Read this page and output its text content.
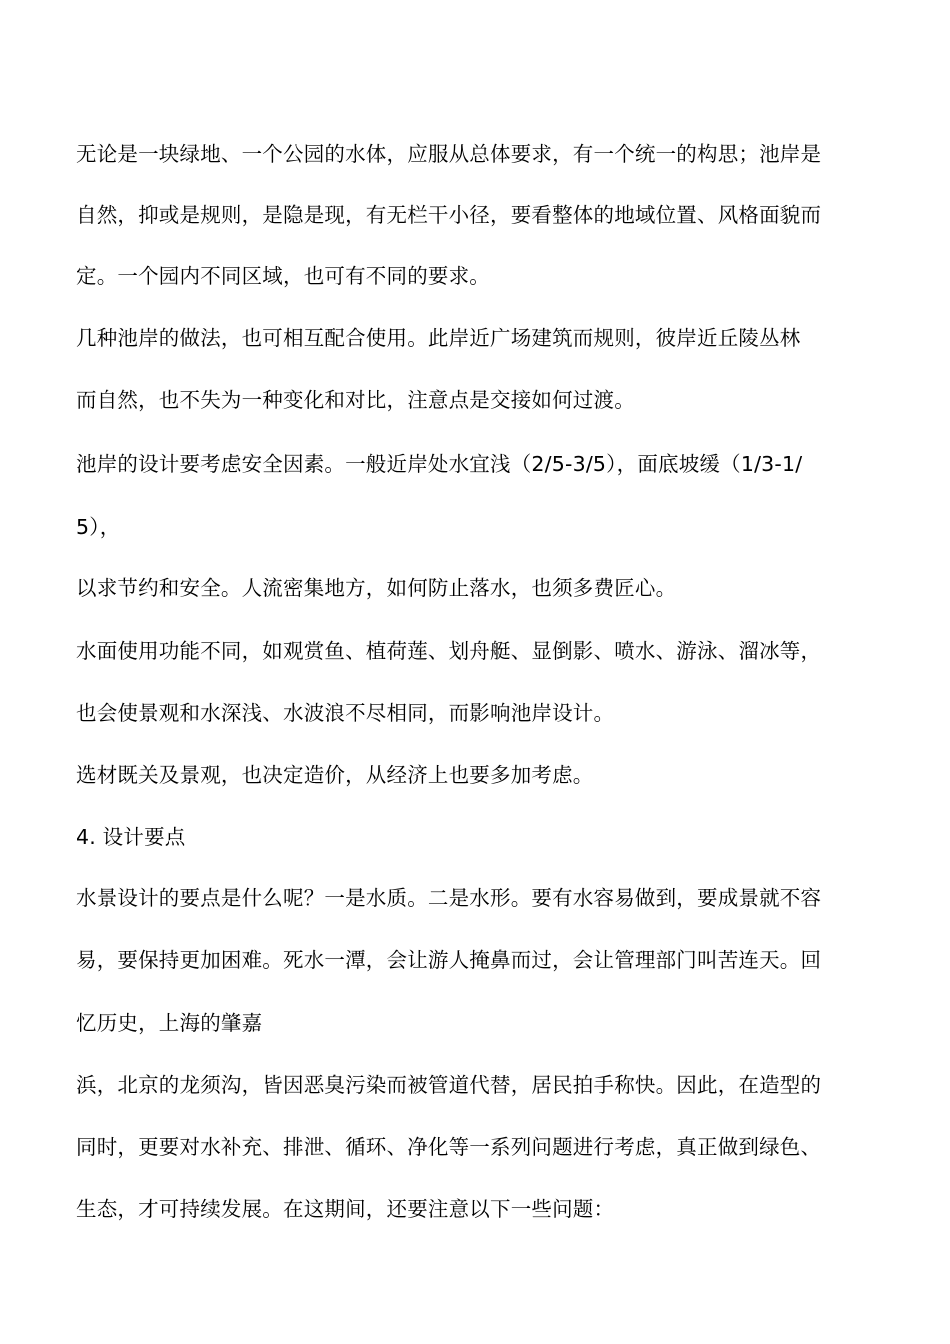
无论是一块绿地、一个公园的水体，应服从总体要求，有一个统一的构思；池岸是
自然，抑或是规则，是隐是现，有无栏干小径，要看整体的地域位置、风格面貌而
定。一个园内不同区域，也可有不同的要求。
几种池岸的做法，也可相互配合使用。此岸近广场建筑而规则，彼岸近丘陵丛林
而自然，也不失为一种变化和对比，注意点是交接如何过渡。
池岸的设计要考虑安全因素。一般近岸处水宜浅（2/5-3/5），面底坡缓（1/3-1/
5），
以求节约和安全。人流密集地方，如何防止落水，也须多费匠心。
水面使用功能不同，如观赏鱼、植荷莲、划舟艇、显倒影、喷水、游泳、溜冰等，
也会使景观和水深浅、水波浪不尽相同，而影响池岸设计。
选材既关及景观，也决定造价，从经济上也要多加考虑。
4. 设计要点
水景设计的要点是什么呢？一是水质。二是水形。要有水容易做到，要成景就不容
易，要保持更加困难。死水一潭，会让游人掩鼻而过，会让管理部门叫苦连天。回
忆历史，上海的肇嘉
浜，北京的龙须沟，皆因恶臭污染而被管道代替，居民拍手称快。因此，在造型的
同时，更要对水补充、排泄、循环、净化等一系列问题进行考虑，真正做到绿色、
生态，才可持续发展。在这期间，还要注意以下一些问题：
